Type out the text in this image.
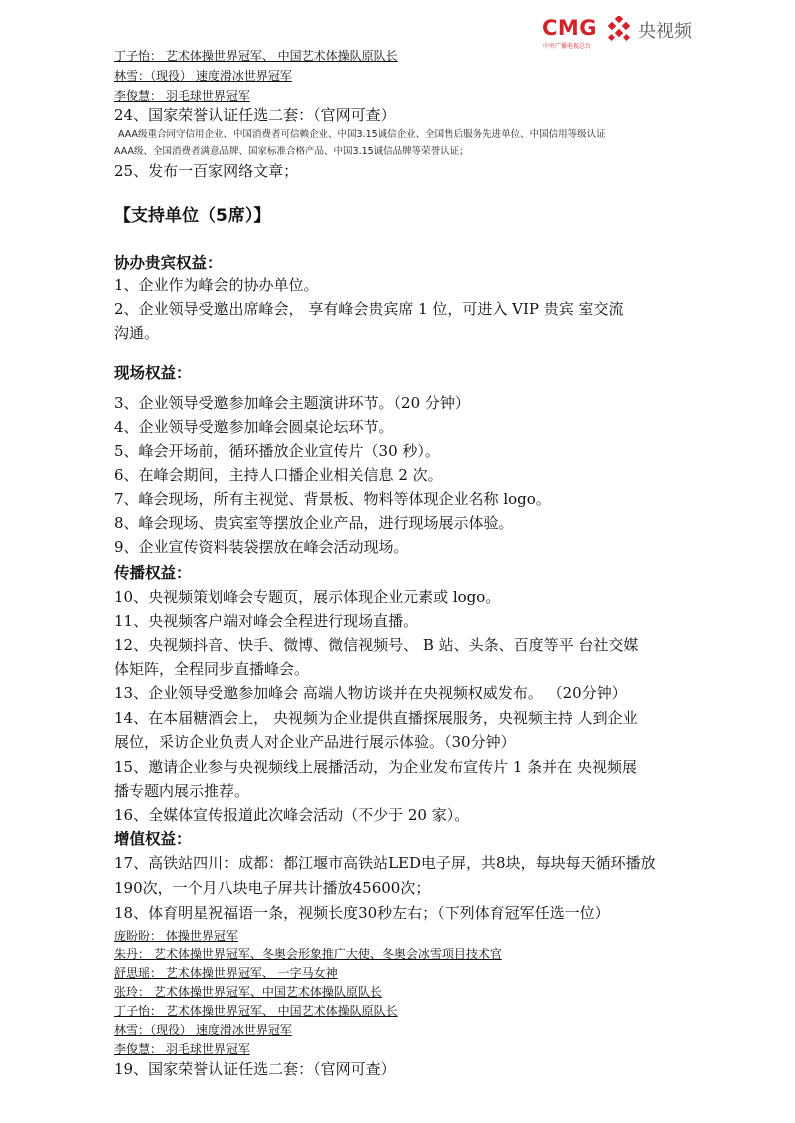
CMG
中央广播电视总台
央视频
丁子怡： 艺术体操世界冠军、 中国艺术体操队原队长
林雪：（现役） 速度滑冰世界冠军
李俊慧： 羽毛球世界冠军
24、国家荣誉认证任选二套：（官网可查）
AAA级重合同守信用企业、中国消费者可信赖企业、中国3.15诚信企业、全国售后服务先进单位、中国信用等级认证
AAA级、全国消费者满意品牌、国家标准合格产品、中国3.15诚信品牌等荣誉认证；
25、发布一百家网络文章；
【支持单位（5席）】
协办贵宾权益：
1、企业作为峰会的协办单位。
2、企业领导受邀出席峰会， 享有峰会贵宾席 1 位，可进入 VIP 贵宾 室交流
沟通。
现场权益：
3、企业领导受邀参加峰会主题演讲环节。（20 分钟）
4、企业领导受邀参加峰会圆桌论坛环节。
5、峰会开场前，循环播放企业宣传片（30 秒）。
6、在峰会期间，主持人口播企业相关信息 2 次。
7、峰会现场，所有主视觉、背景板、物料等体现企业名称 logo。
8、峰会现场、贵宾室等摆放企业产品，进行现场展示体验。
9、企业宣传资料装袋摆放在峰会活动现场。
传播权益：
10、央视频策划峰会专题页，展示体现企业元素或 logo。
11、央视频客户端对峰会全程进行现场直播。
12、央视频抖音、快手、微博、微信视频号、 B 站、头条、百度等平 台社交媒
体矩阵，全程同步直播峰会。
13、企业领导受邀参加峰会 高端人物访谈并在央视频权威发布。 （20分钟）
14、在本届糖酒会上， 央视频为企业提供直播探展服务，央视频主持 人到企业
展位，采访企业负责人对企业产品进行展示体验。（30分钟）
15、邀请企业参与央视频线上展播活动，为企业发布宣传片 1 条并在 央视频展
播专题内展示推荐。
16、全媒体宣传报道此次峰会活动（不少于 20 家）。
增值权益：
17、高铁站四川：成都：都江堰市高铁站LED电子屏，共8块，每块每天循环播放
190次，一个月八块电子屏共计播放45600次；
18、体育明星祝福语一条，视频长度30秒左右；（下列体育冠军任选一位）
庞盼盼： 体操世界冠军
朱丹： 艺术体操世界冠军、冬奥会形象推广大使、冬奥会冰雪项目技术官
舒思瑶： 艺术体操世界冠军、 一字马女神
张玲： 艺术体操世界冠军、中国艺术体操队原队长
丁子怡： 艺术体操世界冠军、 中国艺术体操队原队长
林雪：（现役） 速度滑冰世界冠军
李俊慧： 羽毛球世界冠军
19、国家荣誉认证任选二套：（官网可查）
